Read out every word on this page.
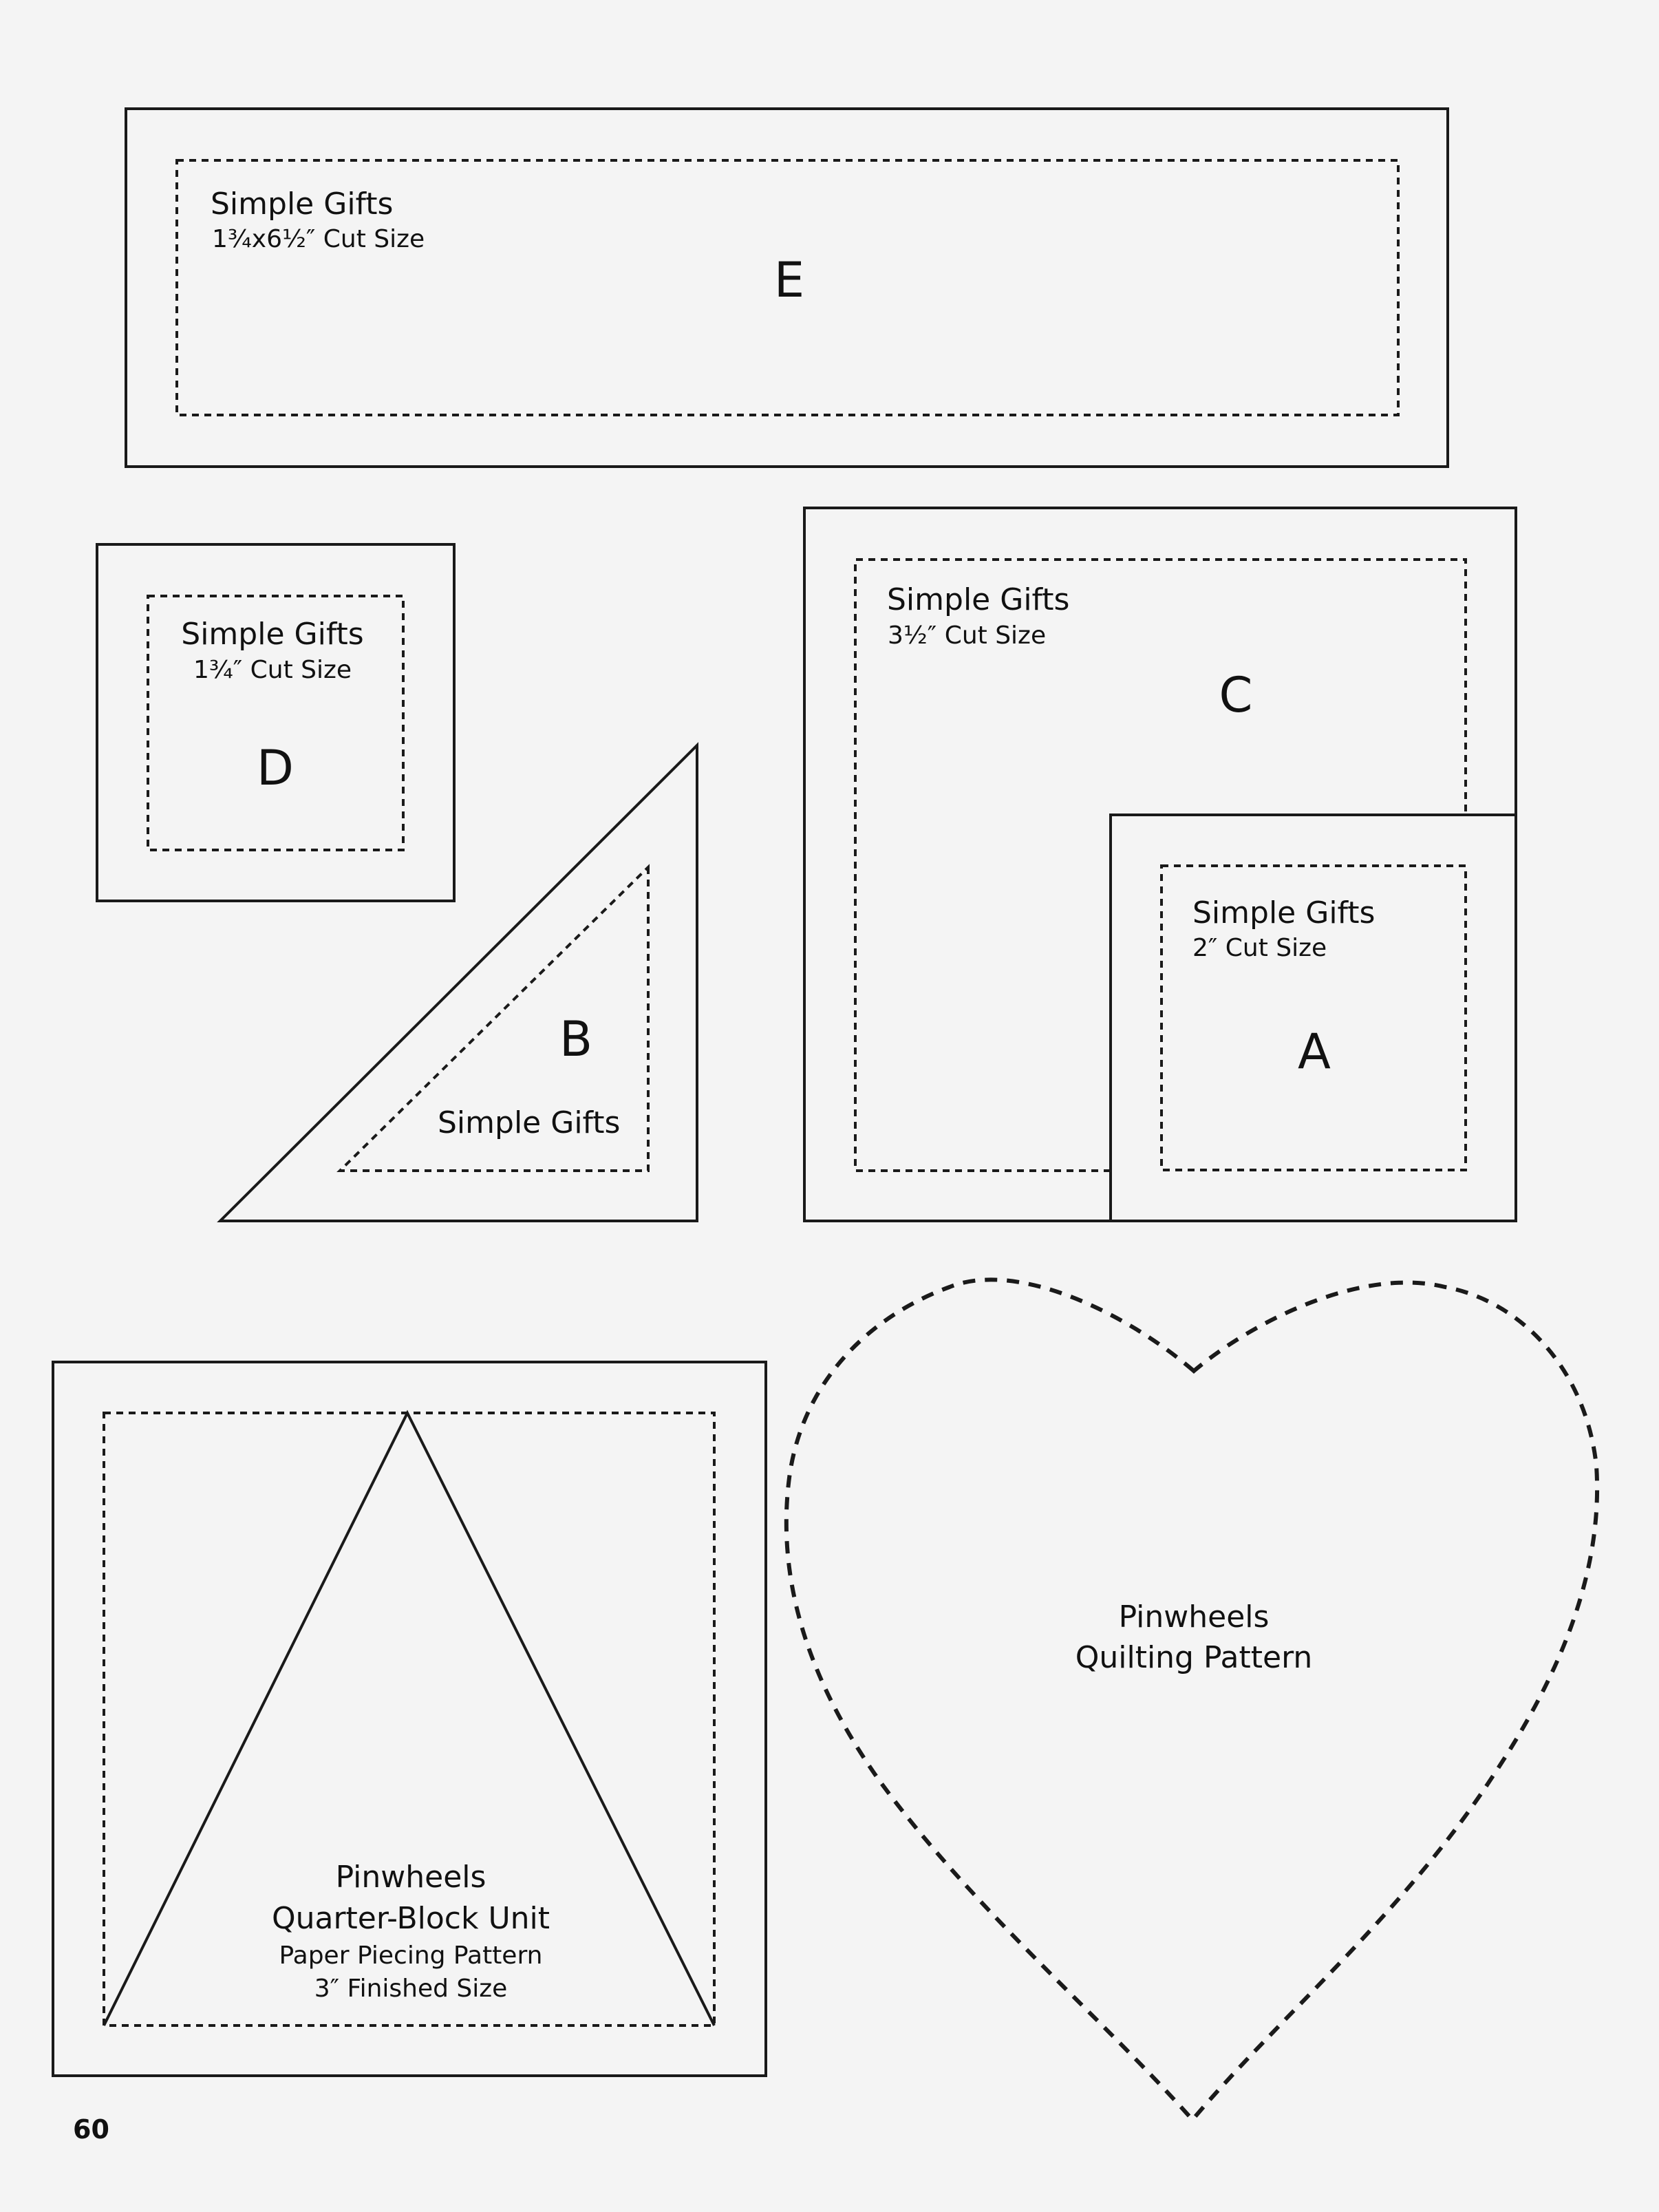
Simple Gifts
1¾x6½″ Cut Size
E
Simple Gifts
1¾″ Cut Size
D
B
Simple Gifts
Simple Gifts
3½″ Cut Size
C
Simple Gifts
2″ Cut Size
A
Pinwheels
Quarter-Block Unit
Paper Piecing Pattern
3″ Finished Size
Pinwheels
Quilting Pattern
60
